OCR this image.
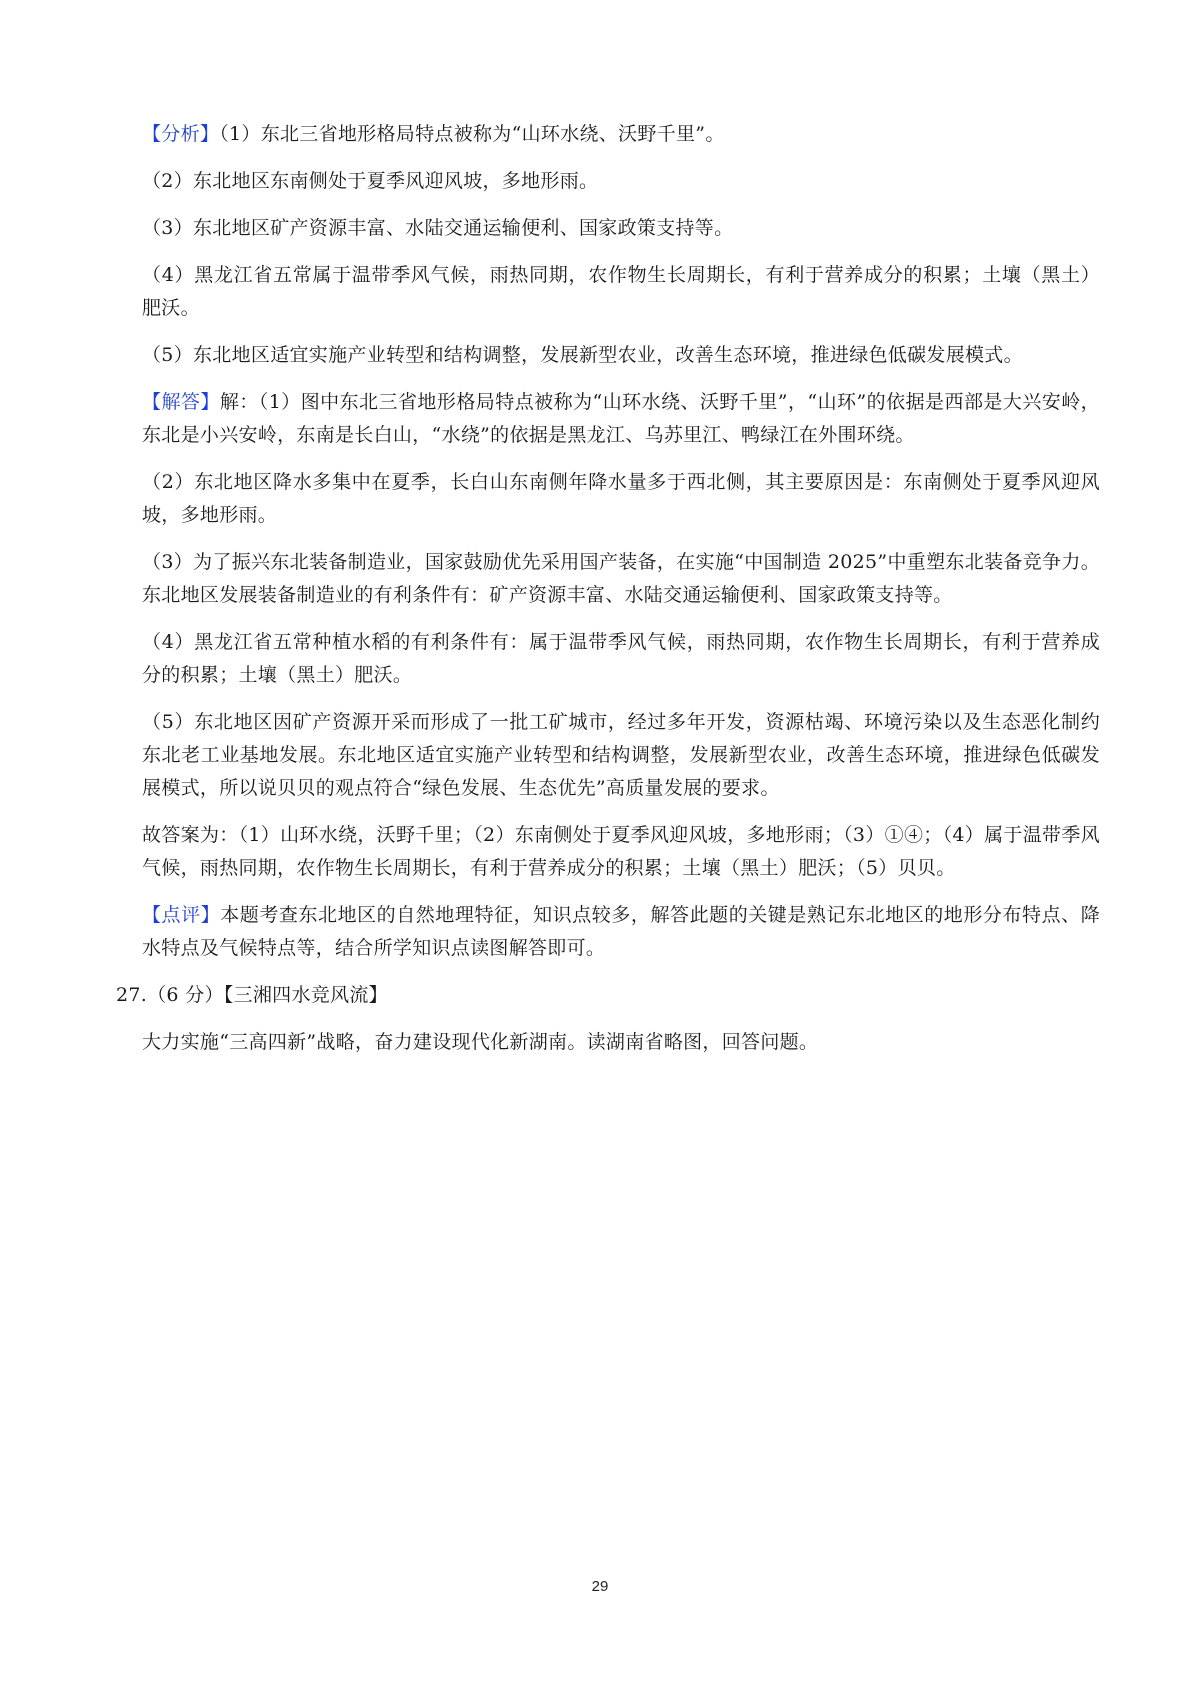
【分析】（1）东北三省地形格局特点被称为“山环水绕、沃野千里”。

（2）东北地区东南侧处于夏季风迎风坡，多地形雨。

（3）东北地区矿产资源丰富、水陆交通运输便利、国家政策支持等。

（4）黑龙江省五常属于温带季风气候，雨热同期，农作物生长周期长，有利于营养成分的积累；土壤（黑土）肥沃。

（5）东北地区适宜实施产业转型和结构调整，发展新型农业，改善生态环境，推进绿色低碳发展模式。

【解答】解：（1）图中东北三省地形格局特点被称为“山环水绕、沃野千里”，“山环”的依据是西部是大兴安岭，东北是小兴安岭，东南是长白山，“水绕”的依据是黑龙江、乌苏里江、鸭绿江在外围环绕。

（2）东北地区降水多集中在夏季，长白山东南侧年降水量多于西北侧，其主要原因是：东南侧处于夏季风迎风坡，多地形雨。

（3）为了振兴东北装备制造业，国家鼓励优先采用国产装备，在实施“中国制造 2025”中重塑东北装备竞争力。东北地区发展装备制造业的有利条件有：矿产资源丰富、水陆交通运输便利、国家政策支持等。

（4）黑龙江省五常种植水稻的有利条件有：属于温带季风气候，雨热同期，农作物生长周期长，有利于营养成分的积累；土壤（黑土）肥沃。

（5）东北地区因矿产资源开采而形成了一批工矿城市，经过多年开发，资源枯竭、环境污染以及生态恶化制约东北老工业基地发展。东北地区适宜实施产业转型和结构调整，发展新型农业，改善生态环境，推进绿色低碳发展模式，所以说贝贝的观点符合“绿色发展、生态优先”高质量发展的要求。

故答案为：（1）山环水绕，沃野千里；（2）东南侧处于夏季风迎风坡，多地形雨；（3）①④；（4）属于温带季风气候，雨热同期，农作物生长周期长，有利于营养成分的积累；土壤（黑土）肥沃；（5）贝贝。

【点评】本题考查东北地区的自然地理特征，知识点较多，解答此题的关键是熟记东北地区的地形分布特点、降水特点及气候特点等，结合所学知识点读图解答即可。

27.（6 分）【三湘四水竞风流】

大力实施“三高四新”战略，奋力建设现代化新湖南。读湖南省略图，回答问题。

29
